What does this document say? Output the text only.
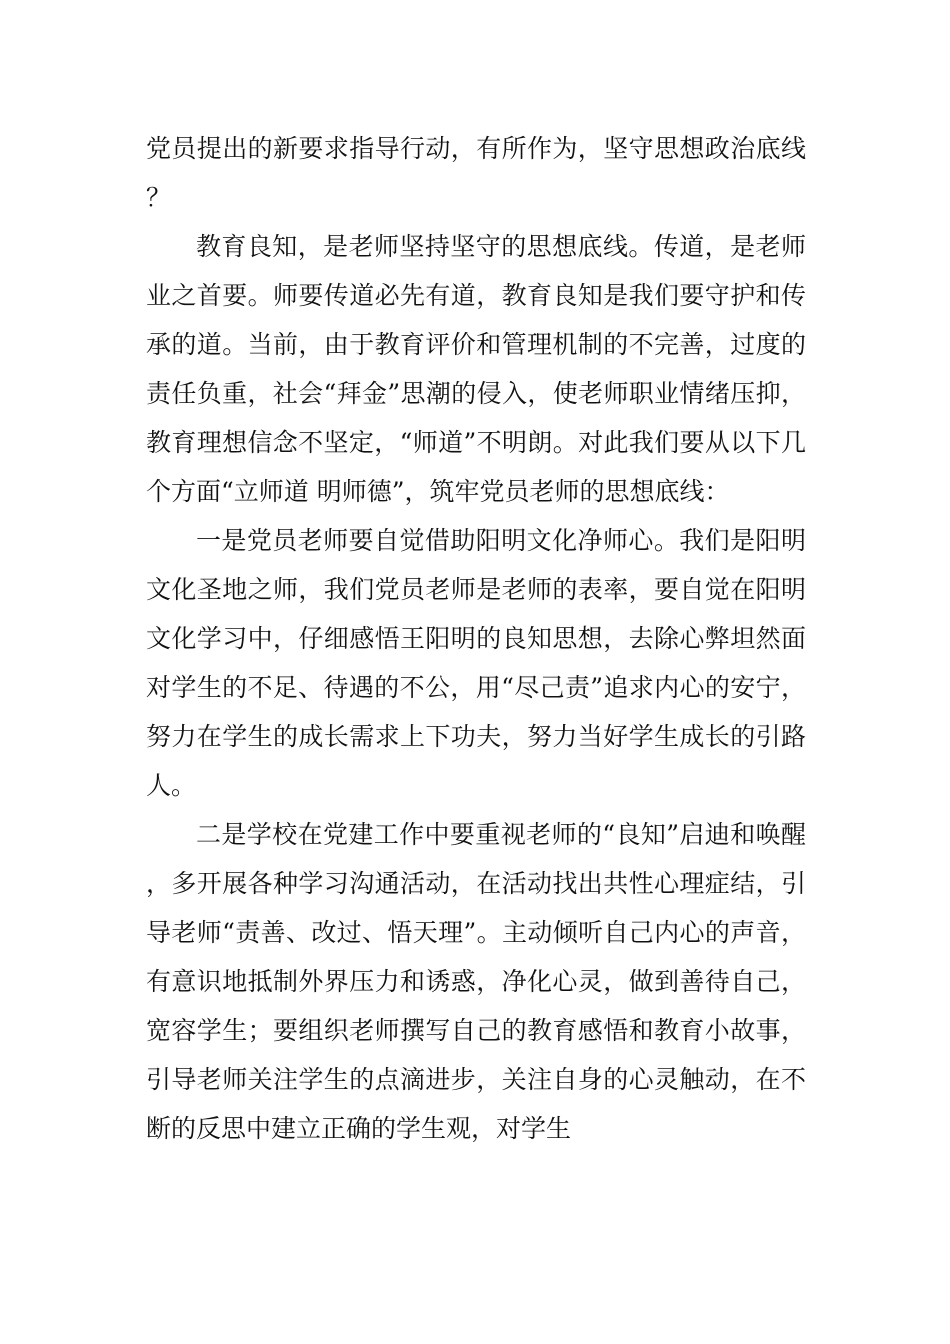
党员提出的新要求指导行动，有所作为，坚守思想政治底线？

教育良知，是老师坚持坚守的思想底线。传道，是老师业之首要。师要传道必先有道，教育良知是我们要守护和传承的道。当前，由于教育评价和管理机制的不完善，过度的责任负重，社会“拜金”思潮的侵入，使老师职业情绪压抑，教育理想信念不坚定，“师道”不明朗。对此我们要从以下几个方面“立师道 明师德”，筑牢党员老师的思想底线：

一是党员老师要自觉借助阳明文化净师心。我们是阳明文化圣地之师，我们党员老师是老师的表率，要自觉在阳明文化学习中，仔细感悟王阳明的良知思想，去除心弊坦然面对学生的不足、待遇的不公，用“尽己责”追求内心的安宁，努力在学生的成长需求上下功夫，努力当好学生成长的引路人。

二是学校在党建工作中要重视老师的“良知”启迪和唤醒，多开展各种学习沟通活动，在活动找出共性心理症结，引导老师“责善、改过、悟天理”。主动倾听自己内心的声音，有意识地抵制外界压力和诱惑，净化心灵，做到善待自己，宽容学生；要组织老师撰写自己的教育感悟和教育小故事，引导老师关注学生的点滴进步，关注自身的心灵触动，在不断的反思中建立正确的学生观，对学生
